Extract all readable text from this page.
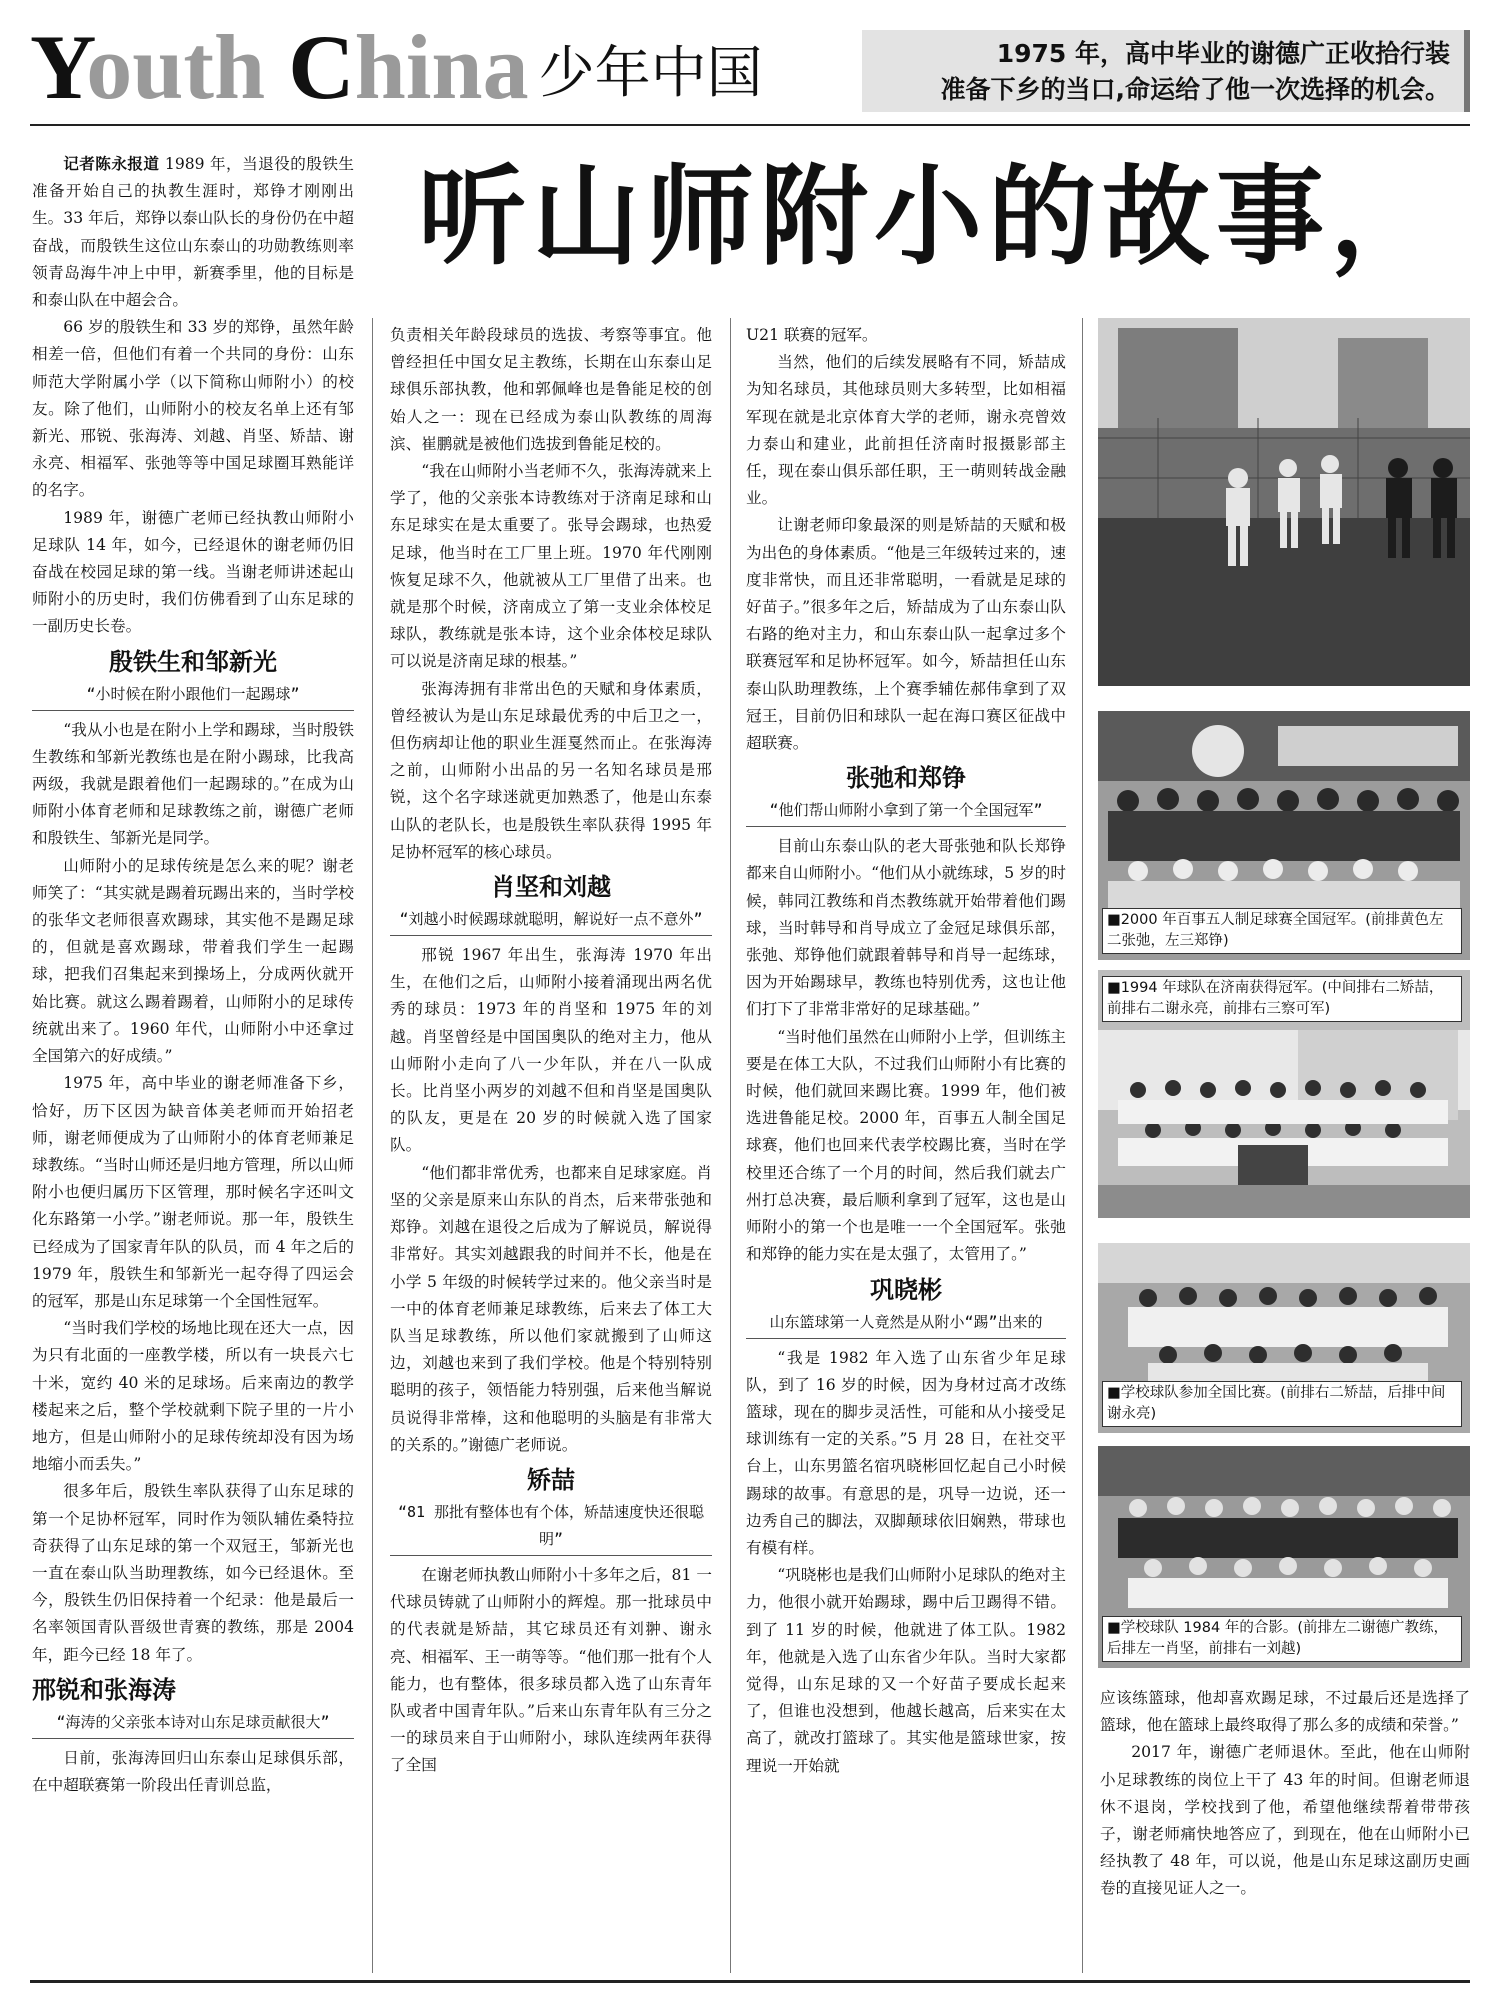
Youth China 少年中国	1975 年，高中毕业的谢德广正收拾行装
准备下乡的当口,命运给了他一次选择的机会。
听山师附小的故事，

记者陈永报道 1989 年，当退役的殷铁生准备开始自己的执教生涯时，郑铮才刚刚出生。33 年后，郑铮以泰山队长的身份仍在中超奋战，而殷铁生这位山东泰山的功勋教练则率领青岛海牛冲上中甲，新赛季里，他的目标是和泰山队在中超会合。

66 岁的殷铁生和 33 岁的郑铮，虽然年龄相差一倍，但他们有着一个共同的身份：山东师范大学附属小学（以下简称山师附小）的校友。除了他们，山师附小的校友名单上还有邹新光、邢锐、张海涛、刘越、肖坚、矫喆、谢永亮、相福军、张弛等等中国足球圈耳熟能详的名字。

1989 年，谢德广老师已经执教山师附小足球队 14 年，如今，已经退休的谢老师仍旧奋战在校园足球的第一线。当谢老师讲述起山师附小的历史时，我们仿佛看到了山东足球的一副历史长卷。

殷铁生和邹新光
“小时候在附小跟他们一起踢球”

“我从小也是在附小上学和踢球，当时殷铁生教练和邹新光教练也是在附小踢球，比我高两级，我就是跟着他们一起踢球的。”在成为山师附小体育老师和足球教练之前，谢德广老师和殷铁生、邹新光是同学。

山师附小的足球传统是怎么来的呢？谢老师笑了：“其实就是踢着玩踢出来的，当时学校的张华文老师很喜欢踢球，其实他不是踢足球的，但就是喜欢踢球，带着我们学生一起踢球，把我们召集起来到操场上，分成两伙就开始比赛。就这么踢着踢着，山师附小的足球传统就出来了。1960 年代，山师附小中还拿过全国第六的好成绩。”

1975 年，高中毕业的谢老师准备下乡，恰好，历下区因为缺音体美老师而开始招老师，谢老师便成为了山师附小的体育老师兼足球教练。“当时山师还是归地方管理，所以山师附小也便归属历下区管理，那时候名字还叫文化东路第一小学。”谢老师说。那一年，殷铁生已经成为了国家青年队的队员，而 4 年之后的 1979 年，殷铁生和邹新光一起夺得了四运会的冠军，那是山东足球第一个全国性冠军。

“当时我们学校的场地比现在还大一点，因为只有北面的一座教学楼，所以有一块長六七十米，宽约 40 米的足球场。后来南边的教学楼起来之后，整个学校就剩下院子里的一片小地方，但是山师附小的足球传统却没有因为场地缩小而丢失。”

很多年后，殷铁生率队获得了山东足球的第一个足协杯冠军，同时作为领队辅佐桑特拉奇获得了山东足球的第一个双冠王，邹新光也一直在泰山队当助理教练，如今已经退休。至今，殷铁生仍旧保持着一个纪录：他是最后一名率领国青队晋级世青赛的教练，那是 2004 年，距今已经 18 年了。

邢锐和张海涛
“海涛的父亲张本诗对山东足球贡献很大”

日前，张海涛回归山东泰山足球俱乐部，在中超联赛第一阶段出任青训总监，

负责相关年龄段球员的选拔、考察等事宜。他曾经担任中国女足主教练，长期在山东泰山足球俱乐部执教，他和郭佩峰也是鲁能足校的创始人之一：现在已经成为泰山队教练的周海滨、崔鹏就是被他们选拔到鲁能足校的。

“我在山师附小当老师不久，张海涛就来上学了，他的父亲张本诗教练对于济南足球和山东足球实在是太重要了。张导会踢球，也热爱足球，他当时在工厂里上班。1970 年代刚刚恢复足球不久，他就被从工厂里借了出来。也就是那个时候，济南成立了第一支业余体校足球队，教练就是张本诗，这个业余体校足球队可以说是济南足球的根基。”

张海涛拥有非常出色的天赋和身体素质，曾经被认为是山东足球最优秀的中后卫之一，但伤病却让他的职业生涯戛然而止。在张海涛之前，山师附小出品的另一名知名球员是邢锐，这个名字球迷就更加熟悉了，他是山东泰山队的老队长，也是殷铁生率队获得 1995 年足协杯冠军的核心球员。

肖坚和刘越
“刘越小时候踢球就聪明，解说好一点不意外”

邢锐 1967 年出生，张海涛 1970 年出生，在他们之后，山师附小接着涌现出两名优秀的球员：1973 年的肖坚和 1975 年的刘越。肖坚曾经是中国国奥队的绝对主力，他从山师附小走向了八一少年队，并在八一队成长。比肖坚小两岁的刘越不但和肖坚是国奥队的队友，更是在 20 岁的时候就入选了国家队。

“他们都非常优秀，也都来自足球家庭。肖坚的父亲是原来山东队的肖杰，后来带张弛和郑铮。刘越在退役之后成为了解说员，解说得非常好。其实刘越跟我的时间并不长，他是在小学 5 年级的时候转学过来的。他父亲当时是一中的体育老师兼足球教练，后来去了体工大队当足球教练，所以他们家就搬到了山师这边，刘越也来到了我们学校。他是个特别特别聪明的孩子，领悟能力特别强，后来他当解说员说得非常棒，这和他聪明的头脑是有非常大的关系的。”谢德广老师说。

矫喆
“81 那批有整体也有个体，矫喆速度快还很聪明”

在谢老师执教山师附小十多年之后，81 一代球员铸就了山师附小的辉煌。那一批球员中的代表就是矫喆，其它球员还有刘翀、谢永亮、相福军、王一萌等等。“他们那一批有个人能力，也有整体，很多球员都入选了山东青年队或者中国青年队。”后来山东青年队有三分之一的球员来自于山师附小，球队连续两年获得了全国

U21 联赛的冠军。

当然，他们的后续发展略有不同，矫喆成为知名球员，其他球员则大多转型，比如相福军现在就是北京体育大学的老师，谢永亮曾效力泰山和建业，此前担任济南时报摄影部主任，现在泰山俱乐部任职，王一萌则转战金融业。

让谢老师印象最深的则是矫喆的天赋和极为出色的身体素质。“他是三年级转过来的，速度非常快，而且还非常聪明，一看就是足球的好苗子。”很多年之后，矫喆成为了山东泰山队右路的绝对主力，和山东泰山队一起拿过多个联赛冠军和足协杯冠军。如今，矫喆担任山东泰山队助理教练，上个赛季辅佐郝伟拿到了双冠王，目前仍旧和球队一起在海口赛区征战中超联赛。

张弛和郑铮
“他们帮山师附小拿到了第一个全国冠军”

目前山东泰山队的老大哥张弛和队长郑铮都来自山师附小。“他们从小就练球，5 岁的时候，韩同江教练和肖杰教练就开始带着他们踢球，当时韩导和肖导成立了金冠足球俱乐部，张弛、郑铮他们就跟着韩导和肖导一起练球，因为开始踢球早，教练也特别优秀，这也让他们打下了非常非常好的足球基础。”

“当时他们虽然在山师附小上学，但训练主要是在体工大队，不过我们山师附小有比赛的时候，他们就回来踢比赛。1999 年，他们被选进鲁能足校。2000 年，百事五人制全国足球赛，他们也回来代表学校踢比赛，当时在学校里还合练了一个月的时间，然后我们就去广州打总决赛，最后顺利拿到了冠军，这也是山师附小的第一个也是唯一一个全国冠军。张弛和郑铮的能力实在是太强了，太管用了。”

巩晓彬
山东篮球第一人竟然是从附小“踢”出来的

“我是 1982 年入选了山东省少年足球队，到了 16 岁的时候，因为身材过高才改练篮球，现在的脚步灵活性，可能和从小接受足球训练有一定的关系。”5 月 28 日，在社交平台上，山东男篮名宿巩晓彬回忆起自己小时候踢球的故事。有意思的是，巩导一边说，还一边秀自己的脚法，双脚颠球依旧娴熟，带球也有模有样。

“巩晓彬也是我们山师附小足球队的绝对主力，他很小就开始踢球，踢中后卫踢得不错。到了 11 岁的时候，他就进了体工队。1982 年，他就是入选了山东省少年队。当时大家都觉得，山东足球的又一个好苗子要成长起来了，但谁也没想到，他越长越高，后来实在太高了，就改打篮球了。其实他是篮球世家，按理说一开始就

应该练篮球，他却喜欢踢足球，不过最后还是选择了篮球，他在篮球上最终取得了那么多的成绩和荣誉。”

2017 年，谢德广老师退休。至此，他在山师附小足球教练的岗位上干了 43 年的时间。但谢老师退休不退岗，学校找到了他，希望他继续帮着带带孩子，谢老师痛快地答应了，到现在，他在山师附小已经执教了 48 年，可以说，他是山东足球这副历史画卷的直接见证人之一。

■2000 年百事五人制足球赛全国冠军。(前排黄色左二张弛，左三郑铮)
■1994 年球队在济南获得冠军。(中间排右二矫喆，前排右二谢永亮，前排右三察可军)
■学校球队参加全国比赛。(前排右二矫喆，后排中间谢永亮)
■学校球队 1984 年的合影。(前排左二谢德广教练，后排左一肖坚，前排右一刘越)
